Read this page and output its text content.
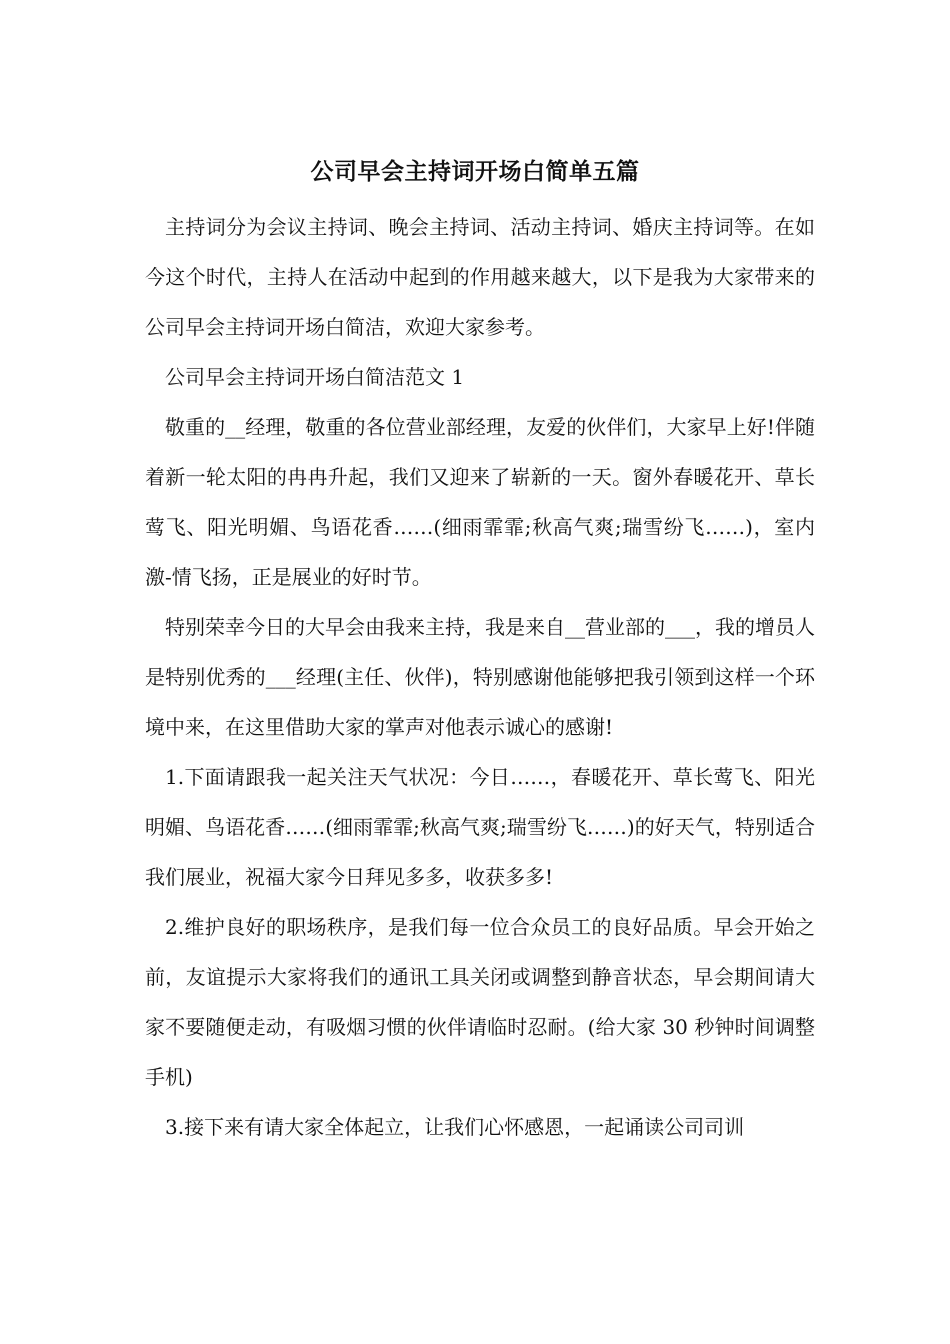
公司早会主持词开场白简单五篇

主持词分为会议主持词、晚会主持词、活动主持词、婚庆主持词等。在如今这个时代，主持人在活动中起到的作用越来越大，以下是我为大家带来的公司早会主持词开场白简洁，欢迎大家参考。

公司早会主持词开场白简洁范文 1

敬重的__经理，敬重的各位营业部经理，友爱的伙伴们，大家早上好!伴随着新一轮太阳的冉冉升起，我们又迎来了崭新的一天。窗外春暖花开、草长莺飞、阳光明媚、鸟语花香……(细雨霏霏;秋高气爽;瑞雪纷飞……)，室内激-情飞扬，正是展业的好时节。

特别荣幸今日的大早会由我来主持，我是来自__营业部的___，我的增员人是特别优秀的___经理(主任、伙伴)，特别感谢他能够把我引领到这样一个环境中来，在这里借助大家的掌声对他表示诚心的感谢!

1.下面请跟我一起关注天气状况：今日……，春暖花开、草长莺飞、阳光明媚、鸟语花香……(细雨霏霏;秋高气爽;瑞雪纷飞……)的好天气，特别适合我们展业，祝福大家今日拜见多多，收获多多!

2.维护良好的职场秩序，是我们每一位合众员工的良好品质。早会开始之前，友谊提示大家将我们的通讯工具关闭或调整到静音状态，早会期间请大家不要随便走动，有吸烟习惯的伙伴请临时忍耐。(给大家 30 秒钟时间调整手机)

3.接下来有请大家全体起立，让我们心怀感恩，一起诵读公司司训
